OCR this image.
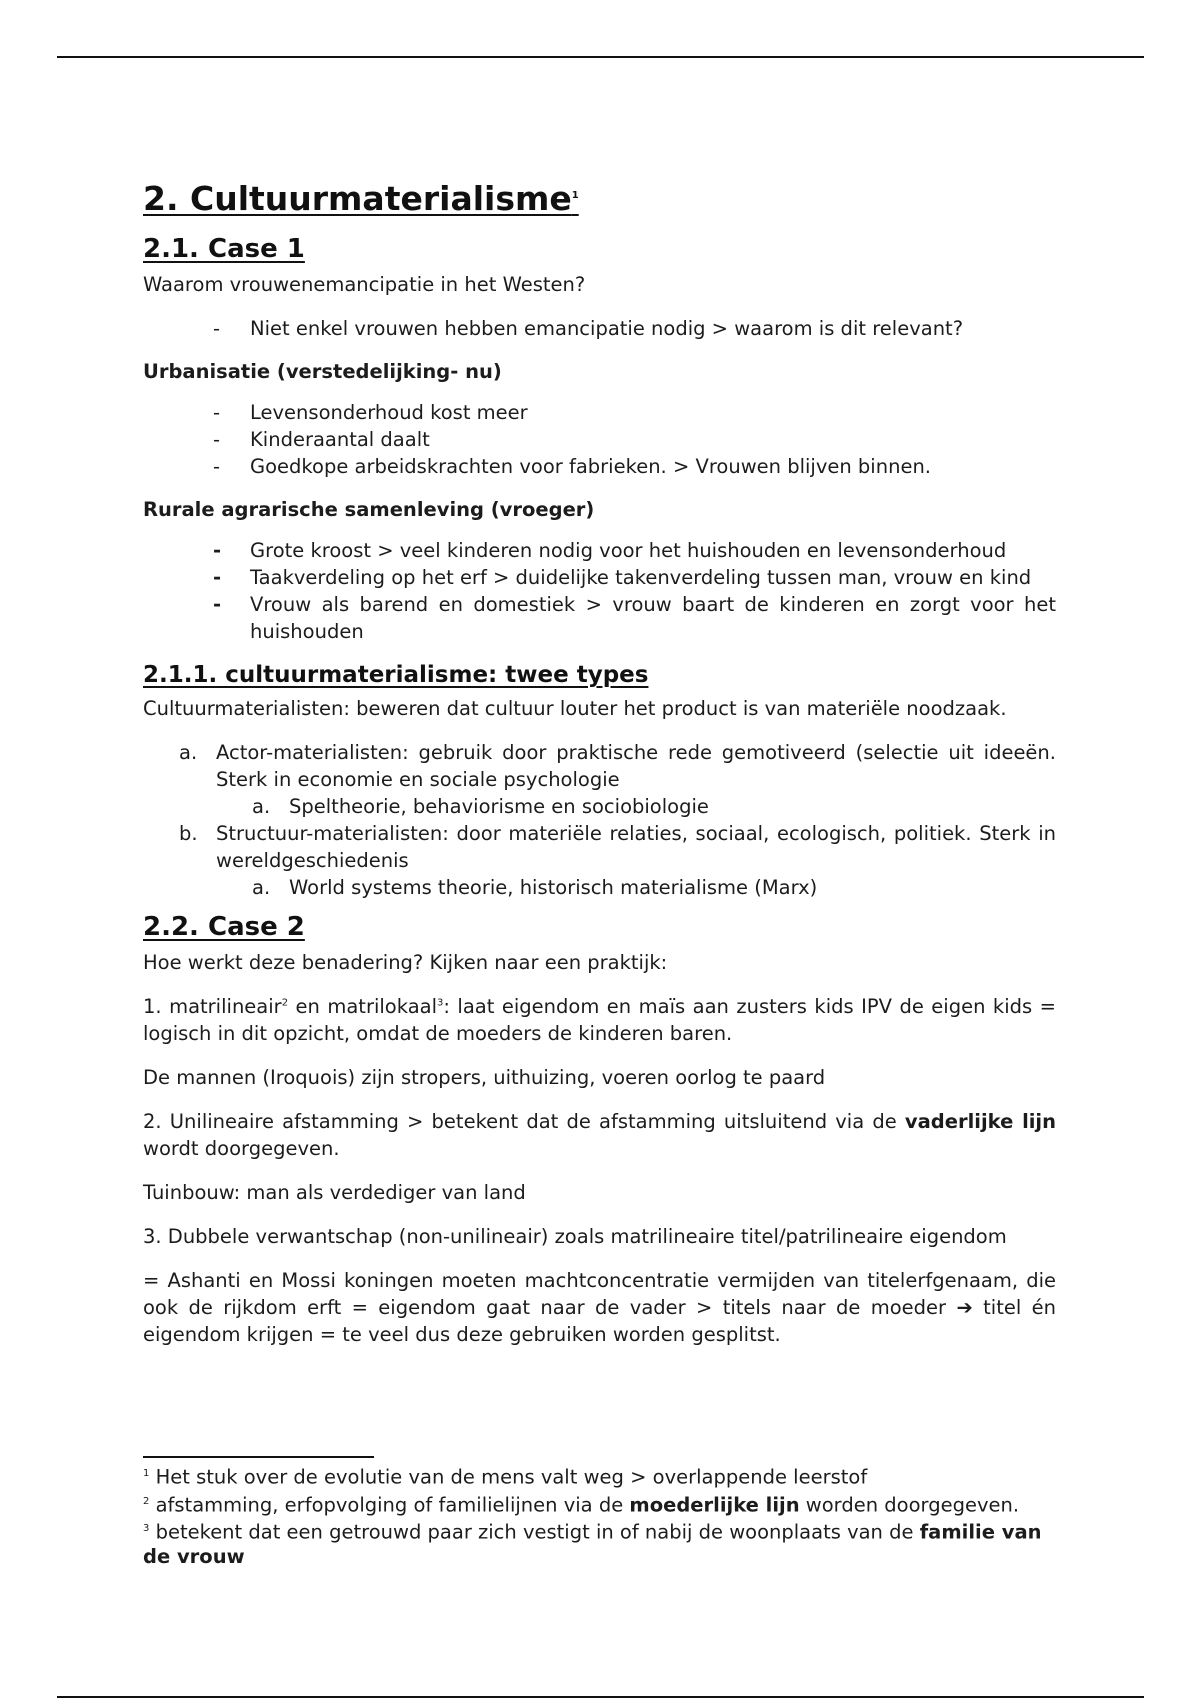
2. Cultuurmaterialisme$^1$
2.1. Case 1

Waarom vrouwenemancipatie in het Westen?

- Niet enkel vrouwen hebben emancipatie nodig > waarom is dit relevant?
Urbanisatie (verstedelijking- nu)
- Levensonderhoud kost meer
- Kinderaantal daalt
- Goedkope arbeidskrachten voor fabrieken. > Vrouwen blijven binnen.
Rurale agrarische samenleving (vroeger)
- Grote kroost > veel kinderen nodig voor het huishouden en levensonderhoud
- Taakverdeling op het erf > duidelijke takenverdeling tussen man, vrouw en kind
- Vrouw als barend en domestiek > vrouw baart de kinderen en zorgt voor het huishouden
2.1.1. cultuurmaterialisme: twee types

Cultuurmaterialisten: beweren dat cultuur louter het product is van materiële noodzaak.

a. Actor-materialisten: gebruik door praktische rede gemotiveerd (selectie uit ideeën. Sterk in economie en sociale psychologie
a. Speltheorie, behaviorisme en sociobiologie
b. Structuur-materialisten: door materiële relaties, sociaal, ecologisch, politiek. Sterk in wereldgeschiedenis
a. World systems theorie, historisch materialisme (Marx)
2.2. Case 2

Hoe werkt deze benadering? Kijken naar een praktijk:

1. matrilineair$^2$ en matrilokaal$^3$: laat eigendom en maïs aan zusters kids IPV de eigen kids = logisch in dit opzicht, omdat de moeders de kinderen baren.

De mannen (Iroquois) zijn stropers, uithuizing, voeren oorlog te paard

2. Unilineaire afstamming > betekent dat de afstamming uitsluitend via de vaderlijke lijn wordt doorgegeven.

Tuinbouw: man als verdediger van land

3. Dubbele verwantschap (non-unilineair) zoals matrilineaire titel/patrilineaire eigendom

= Ashanti en Mossi koningen moeten machtconcentratie vermijden van titelerfgenaam, die ook de rijkdom erft = eigendom gaat naar de vader > titels naar de moeder ➔ titel én eigendom krijgen = te veel dus deze gebruiken worden gesplitst.

$^1$ Het stuk over de evolutie van de mens valt weg > overlappende leerstof
$^2$ afstamming, erfopvolging of familielijnen via de moederlijke lijn worden doorgegeven.
$^3$ betekent dat een getrouwd paar zich vestigt in of nabij de woonplaats van de familie van de vrouw
